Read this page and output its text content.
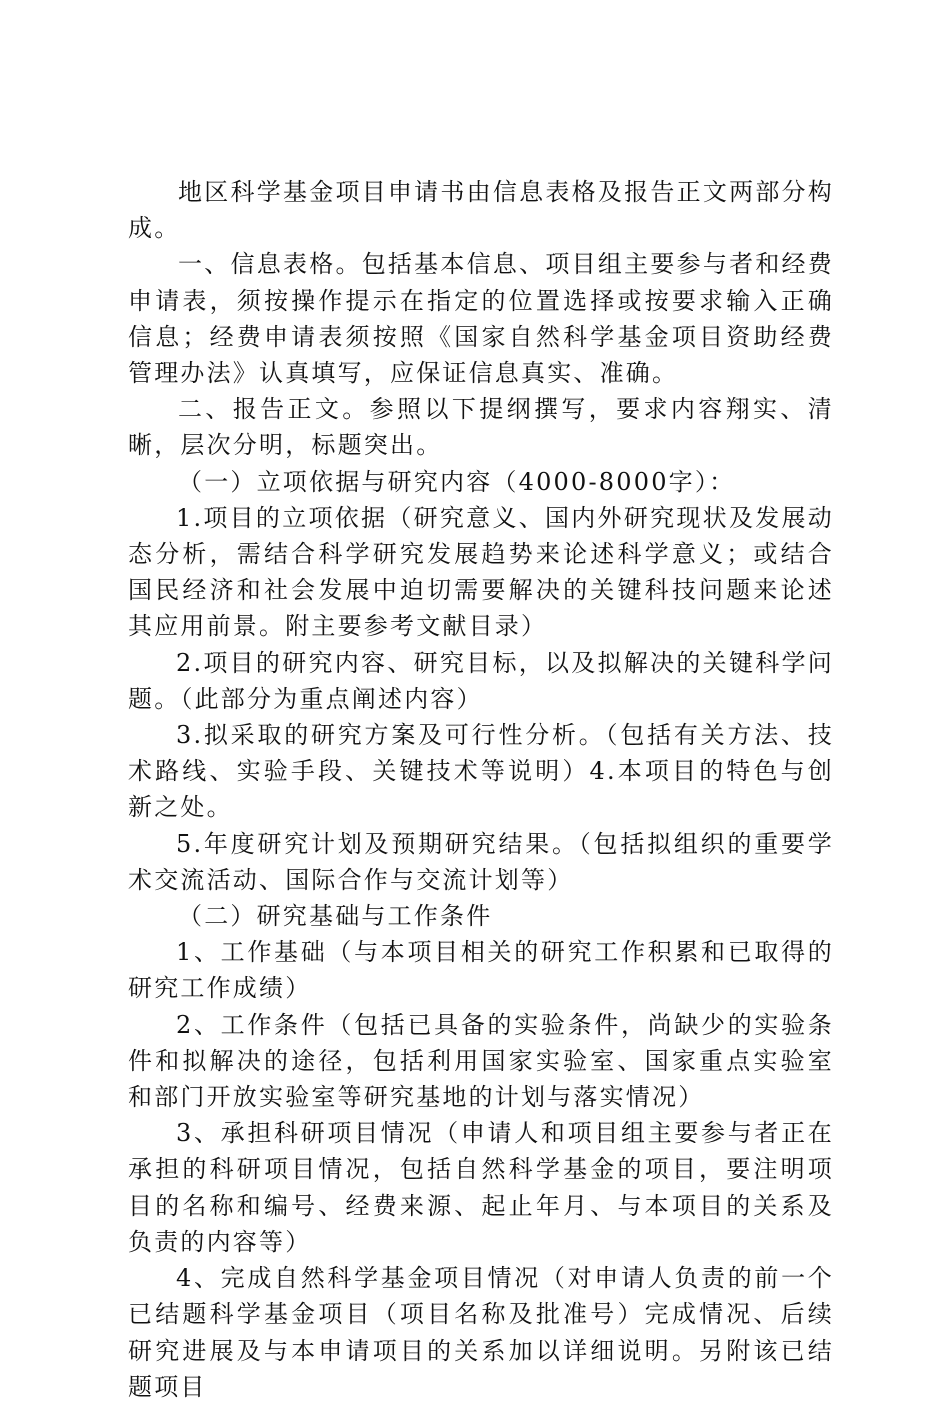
地区科学基金项目申请书由信息表格及报告正文两部分构成。

一、信息表格。包括基本信息、项目组主要参与者和经费申请表，须按操作提示在指定的位置选择或按要求输入正确信息；经费申请表须按照《国家自然科学基金项目资助经费管理办法》认真填写，应保证信息真实、准确。

二、报告正文。参照以下提纲撰写，要求内容翔实、清晰，层次分明，标题突出。

（一）立项依据与研究内容（4000-8000字）：

1.项目的立项依据（研究意义、国内外研究现状及发展动态分析，需结合科学研究发展趋势来论述科学意义；或结合国民经济和社会发展中迫切需要解决的关键科技问题来论述其应用前景。附主要参考文献目录）

2.项目的研究内容、研究目标，以及拟解决的关键科学问题。（此部分为重点阐述内容）

3.拟采取的研究方案及可行性分析。（包括有关方法、技术路线、实验手段、关键技术等说明）4.本项目的特色与创新之处。

5.年度研究计划及预期研究结果。（包括拟组织的重要学术交流活动、国际合作与交流计划等）

（二）研究基础与工作条件

1、工作基础（与本项目相关的研究工作积累和已取得的研究工作成绩）

2、工作条件（包括已具备的实验条件，尚缺少的实验条件和拟解决的途径，包括利用国家实验室、国家重点实验室和部门开放实验室等研究基地的计划与落实情况）

3、承担科研项目情况（申请人和项目组主要参与者正在承担的科研项目情况，包括自然科学基金的项目，要注明项目的名称和编号、经费来源、起止年月、与本项目的关系及负责的内容等）

4、完成自然科学基金项目情况（对申请人负责的前一个已结题科学基金项目（项目名称及批准号）完成情况、后续研究进展及与本申请项目的关系加以详细说明。另附该已结题项目
